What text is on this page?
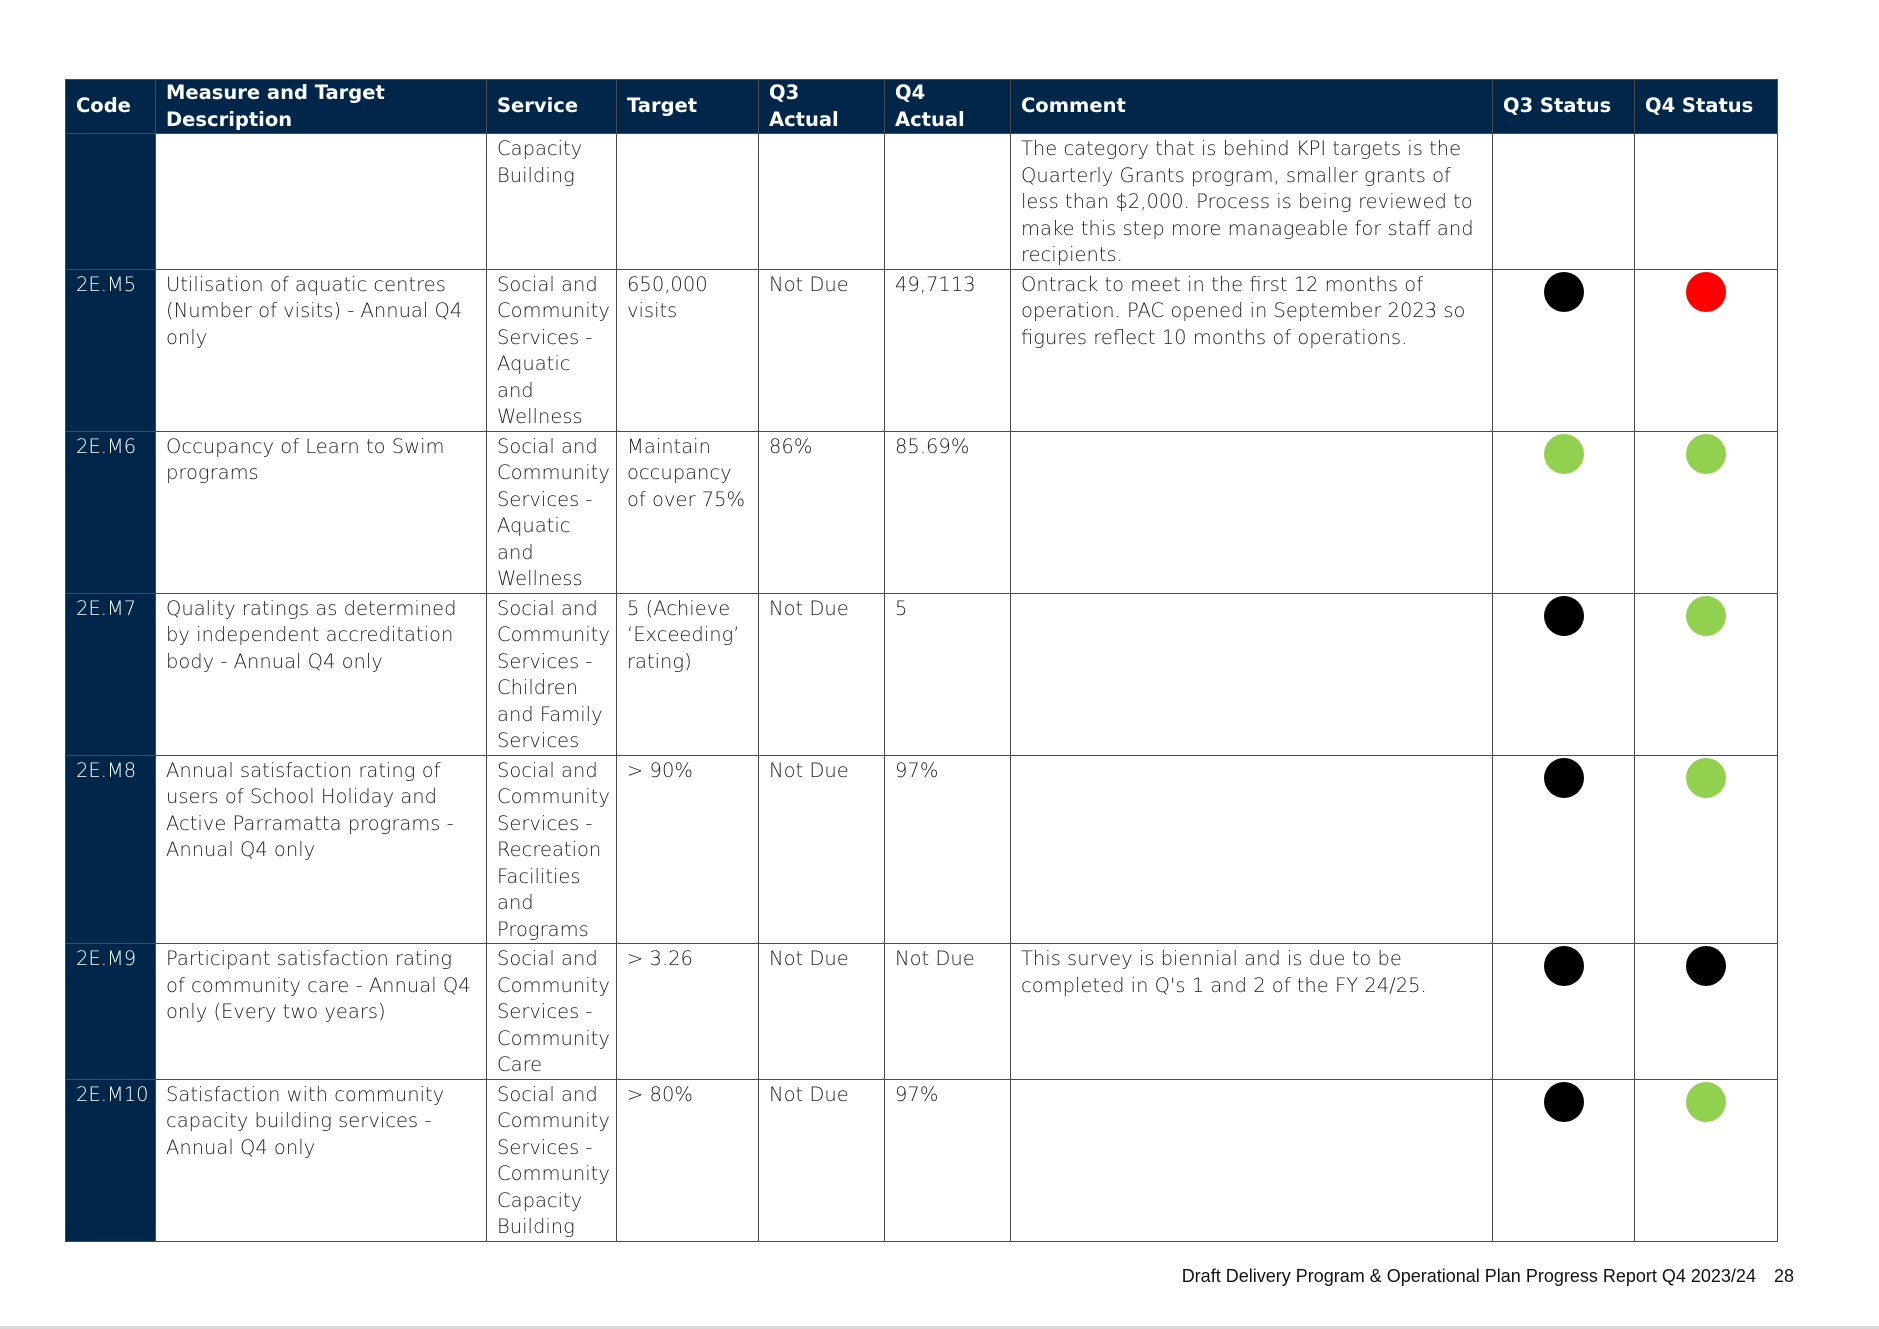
Code	Measure and Target Description	Service	Target	Q3 Actual	Q4 Actual	Comment	Q3 Status	Q4 Status
		Capacity Building				The category that is behind KPI targets is the Quarterly Grants program, smaller grants of less than $2,000. Process is being reviewed to make this step more manageable for staff and recipients.		
2E.M5	Utilisation of aquatic centres (Number of visits) - Annual Q4 only	Social and Community Services - Aquatic and Wellness	650,000 visits	Not Due	49,7113	Ontrack to meet in the first 12 months of operation. PAC opened in September 2023 so figures reflect 10 months of operations.		
2E.M6	Occupancy of Learn to Swim programs	Social and Community Services - Aquatic and Wellness	Maintain occupancy of over 75%	86%	85.69%			
2E.M7	Quality ratings as determined by independent accreditation body - Annual Q4 only	Social and Community Services - Children and Family Services	5 (Achieve ‘Exceeding’ rating)	Not Due	5			
2E.M8	Annual satisfaction rating of users of School Holiday and Active Parramatta programs - Annual Q4 only	Social and Community Services - Recreation Facilities and Programs	> 90%	Not Due	97%			
2E.M9	Participant satisfaction rating of community care - Annual Q4 only (Every two years)	Social and Community Services - Community Care	> 3.26	Not Due	Not Due	This survey is biennial and is due to be completed in Q's 1 and 2 of the FY 24/25.		
2E.M10	Satisfaction with community capacity building services - Annual Q4 only	Social and Community Services - Community Capacity Building	> 80%	Not Due	97%			
Draft Delivery Program & Operational Plan Progress Report Q4 2023/24 28
